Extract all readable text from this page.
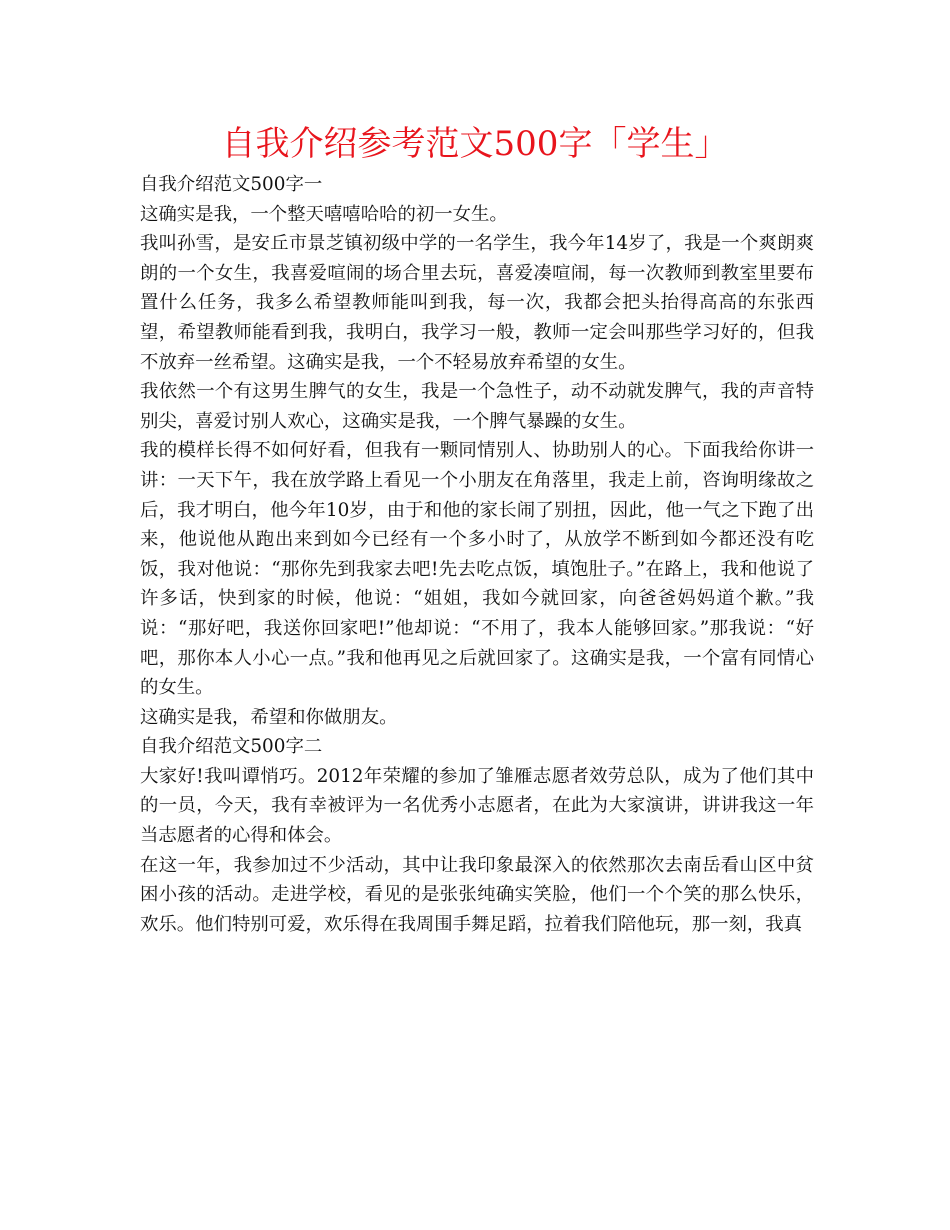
自我介绍参考范文500字「学生」

自我介绍范文500字一

这确实是我，一个整天嘻嘻哈哈的初一女生。

我叫孙雪，是安丘市景芝镇初级中学的一名学生，我今年14岁了，我是一个爽朗爽朗的一个女生，我喜爱喧闹的场合里去玩，喜爱凑喧闹，每一次教师到教室里要布置什么任务，我多么希望教师能叫到我，每一次，我都会把头抬得高高的东张西望，希望教师能看到我，我明白，我学习一般，教师一定会叫那些学习好的，但我不放弃一丝希望。这确实是我，一个不轻易放弃希望的女生。

我依然一个有这男生脾气的女生，我是一个急性子，动不动就发脾气，我的声音特别尖，喜爱讨别人欢心，这确实是我，一个脾气暴躁的女生。

我的模样长得不如何好看，但我有一颗同情别人、协助别人的心。下面我给你讲一讲：一天下午，我在放学路上看见一个小朋友在角落里，我走上前，咨询明缘故之后，我才明白，他今年10岁，由于和他的家长闹了别扭，因此，他一气之下跑了出来，他说他从跑出来到如今已经有一个多小时了，从放学不断到如今都还没有吃饭，我对他说：“那你先到我家去吧!先去吃点饭，填饱肚子。”在路上，我和他说了许多话，快到家的时候，他说：“姐姐，我如今就回家，向爸爸妈妈道个歉。”我说：“那好吧，我送你回家吧!”他却说：“不用了，我本人能够回家。”那我说：“好吧，那你本人小心一点。”我和他再见之后就回家了。这确实是我，一个富有同情心的女生。

这确实是我，希望和你做朋友。

自我介绍范文500字二

大家好!我叫谭悄巧。2012年荣耀的参加了雏雁志愿者效劳总队，成为了他们其中的一员，今天，我有幸被评为一名优秀小志愿者，在此为大家演讲，讲讲我这一年当志愿者的心得和体会。

在这一年，我参加过不少活动，其中让我印象最深入的依然那次去南岳看山区中贫困小孩的活动。走进学校，看见的是张张纯确实笑脸，他们一个个笑的那么快乐，欢乐。他们特别可爱，欢乐得在我周围手舞足蹈，拉着我们陪他玩，那一刻，我真
